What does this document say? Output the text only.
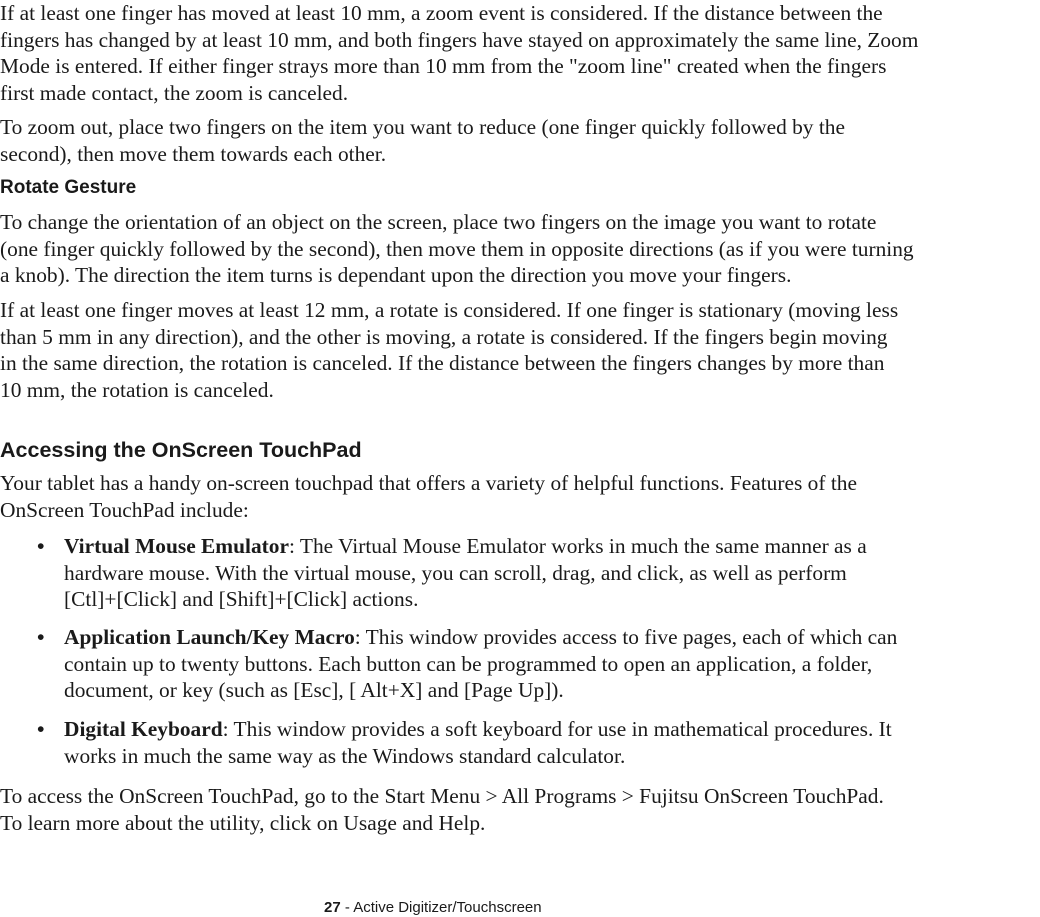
If at least one finger has moved at least 10 mm, a zoom event is considered. If the distance between the
fingers has changed by at least 10 mm, and both fingers have stayed on approximately the same line, Zoom
Mode is entered. If either finger strays more than 10 mm from the "zoom line" created when the fingers
first made contact, the zoom is canceled.
To zoom out, place two fingers on the item you want to reduce (one finger quickly followed by the
second), then move them towards each other.
Rotate Gesture
To change the orientation of an object on the screen, place two fingers on the image you want to rotate
(one finger quickly followed by the second), then move them in opposite directions (as if you were turning
a knob). The direction the item turns is dependant upon the direction you move your fingers.
If at least one finger moves at least 12 mm, a rotate is considered. If one finger is stationary (moving less
than 5 mm in any direction), and the other is moving, a rotate is considered. If the fingers begin moving
in the same direction, the rotation is canceled. If the distance between the fingers changes by more than
10 mm, the rotation is canceled.
Accessing the OnScreen TouchPad
Your tablet has a handy on-screen touchpad that offers a variety of helpful functions. Features of the
OnScreen TouchPad include:
• Virtual Mouse Emulator: The Virtual Mouse Emulator works in much the same manner as a
hardware mouse. With the virtual mouse, you can scroll, drag, and click, as well as perform
[Ctl]+[Click] and [Shift]+[Click] actions.
• Application Launch/Key Macro: This window provides access to five pages, each of which can
contain up to twenty buttons. Each button can be programmed to open an application, a folder,
document, or key (such as [Esc], [ Alt+X] and [Page Up]).
• Digital Keyboard: This window provides a soft keyboard for use in mathematical procedures. It
works in much the same way as the Windows standard calculator.
To access the OnScreen TouchPad, go to the Start Menu > All Programs > Fujitsu OnScreen TouchPad.
To learn more about the utility, click on Usage and Help.
27 - Active Digitizer/Touchscreen
